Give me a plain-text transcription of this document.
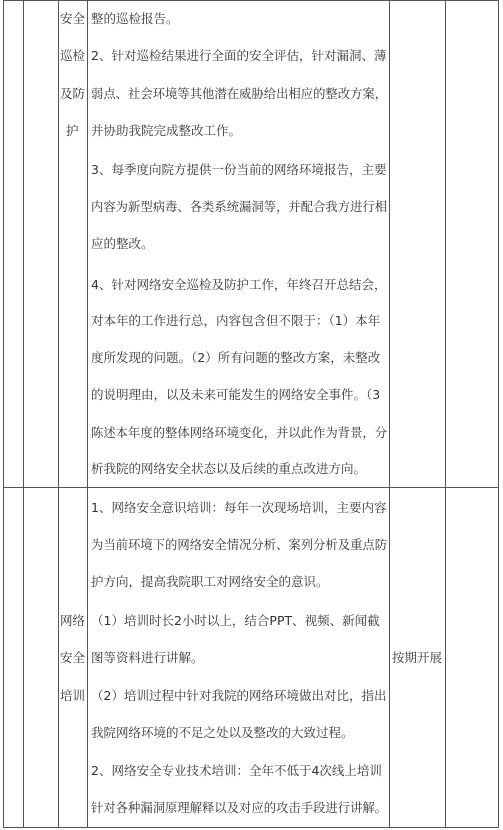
安全
巡检
及防
护
整的巡检报告。
2、针对巡检结果进行全面的安全评估，针对漏洞、薄
弱点、社会环境等其他潜在威胁给出相应的整改方案，
并协助我院完成整改工作。
3、每季度向院方提供一份当前的网络环境报告，主要
内容为新型病毒、各类系统漏洞等，并配合我方进行相
应的整改。
4、针对网络安全巡检及防护工作，年终召开总结会，
对本年的工作进行总，内容包含但不限于：（1）本年
度所发现的问题。（2）所有问题的整改方案，未整改
的说明理由，以及未来可能发生的网络安全事件。（3
陈述本年度的整体网络环境变化，并以此作为背景，分
析我院的网络安全状态以及后续的重点改进方向。
网络
安全
培训
1、网络安全意识培训：每年一次现场培训，主要内容
为当前环境下的网络安全情况分析、案列分析及重点防
护方向，提高我院职工对网络安全的意识。
（1）培训时长2小时以上，结合PPT、视频、新闻截
图等资料进行讲解。
（2）培训过程中针对我院的网络环境做出对比，指出
我院网络环境的不足之处以及整改的大致过程。
2、网络安全专业技术培训：全年不低于4次线上培训
针对各种漏洞原理解释以及对应的攻击手段进行讲解。
按期开展
